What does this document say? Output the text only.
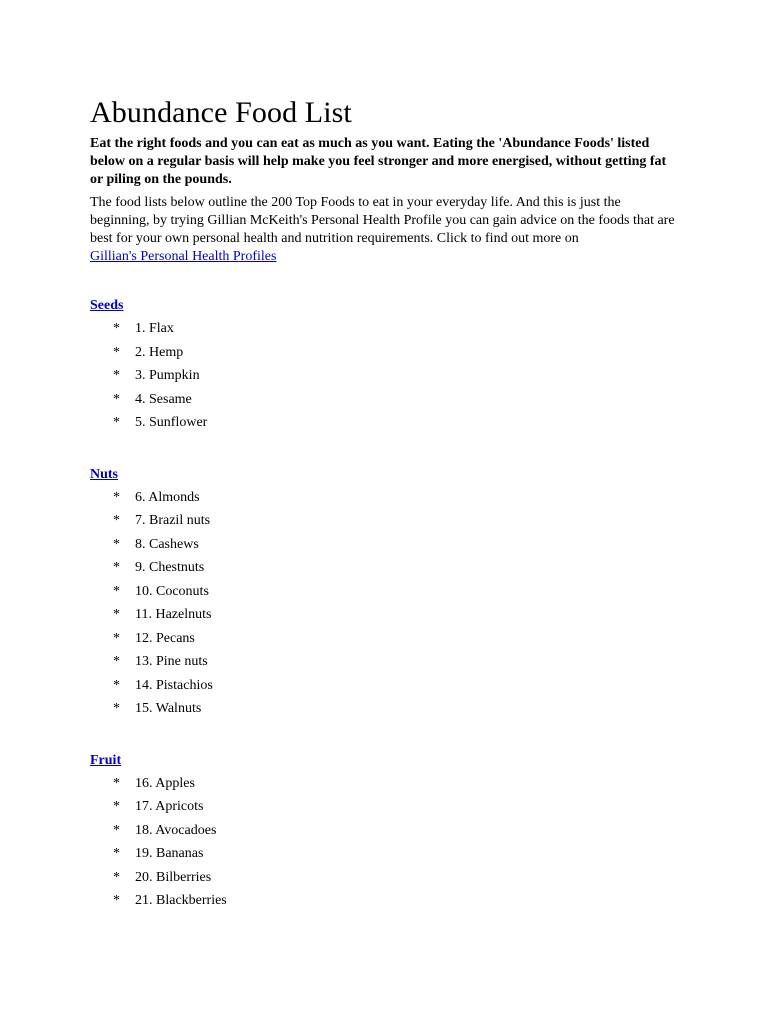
Abundance Food List

Eat the right foods and you can eat as much as you want. Eating the 'Abundance Foods' listed below on a regular basis will help make you feel stronger and more energised, without getting fat or piling on the pounds.

The food lists below outline the 200 Top Foods to eat in your everyday life. And this is just the beginning, by trying Gillian McKeith's Personal Health Profile you can gain advice on the foods that are best for your own personal health and nutrition requirements. Click to find out more on
Gillian's Personal Health Profiles

Seeds
* 1. Flax
* 2. Hemp
* 3. Pumpkin
* 4. Sesame
* 5. Sunflower
Nuts
* 6. Almonds
* 7. Brazil nuts
* 8. Cashews
* 9. Chestnuts
* 10. Coconuts
* 11. Hazelnuts
* 12. Pecans
* 13. Pine nuts
* 14. Pistachios
* 15. Walnuts
Fruit
* 16. Apples
* 17. Apricots
* 18. Avocadoes
* 19. Bananas
* 20. Bilberries
* 21. Blackberries
